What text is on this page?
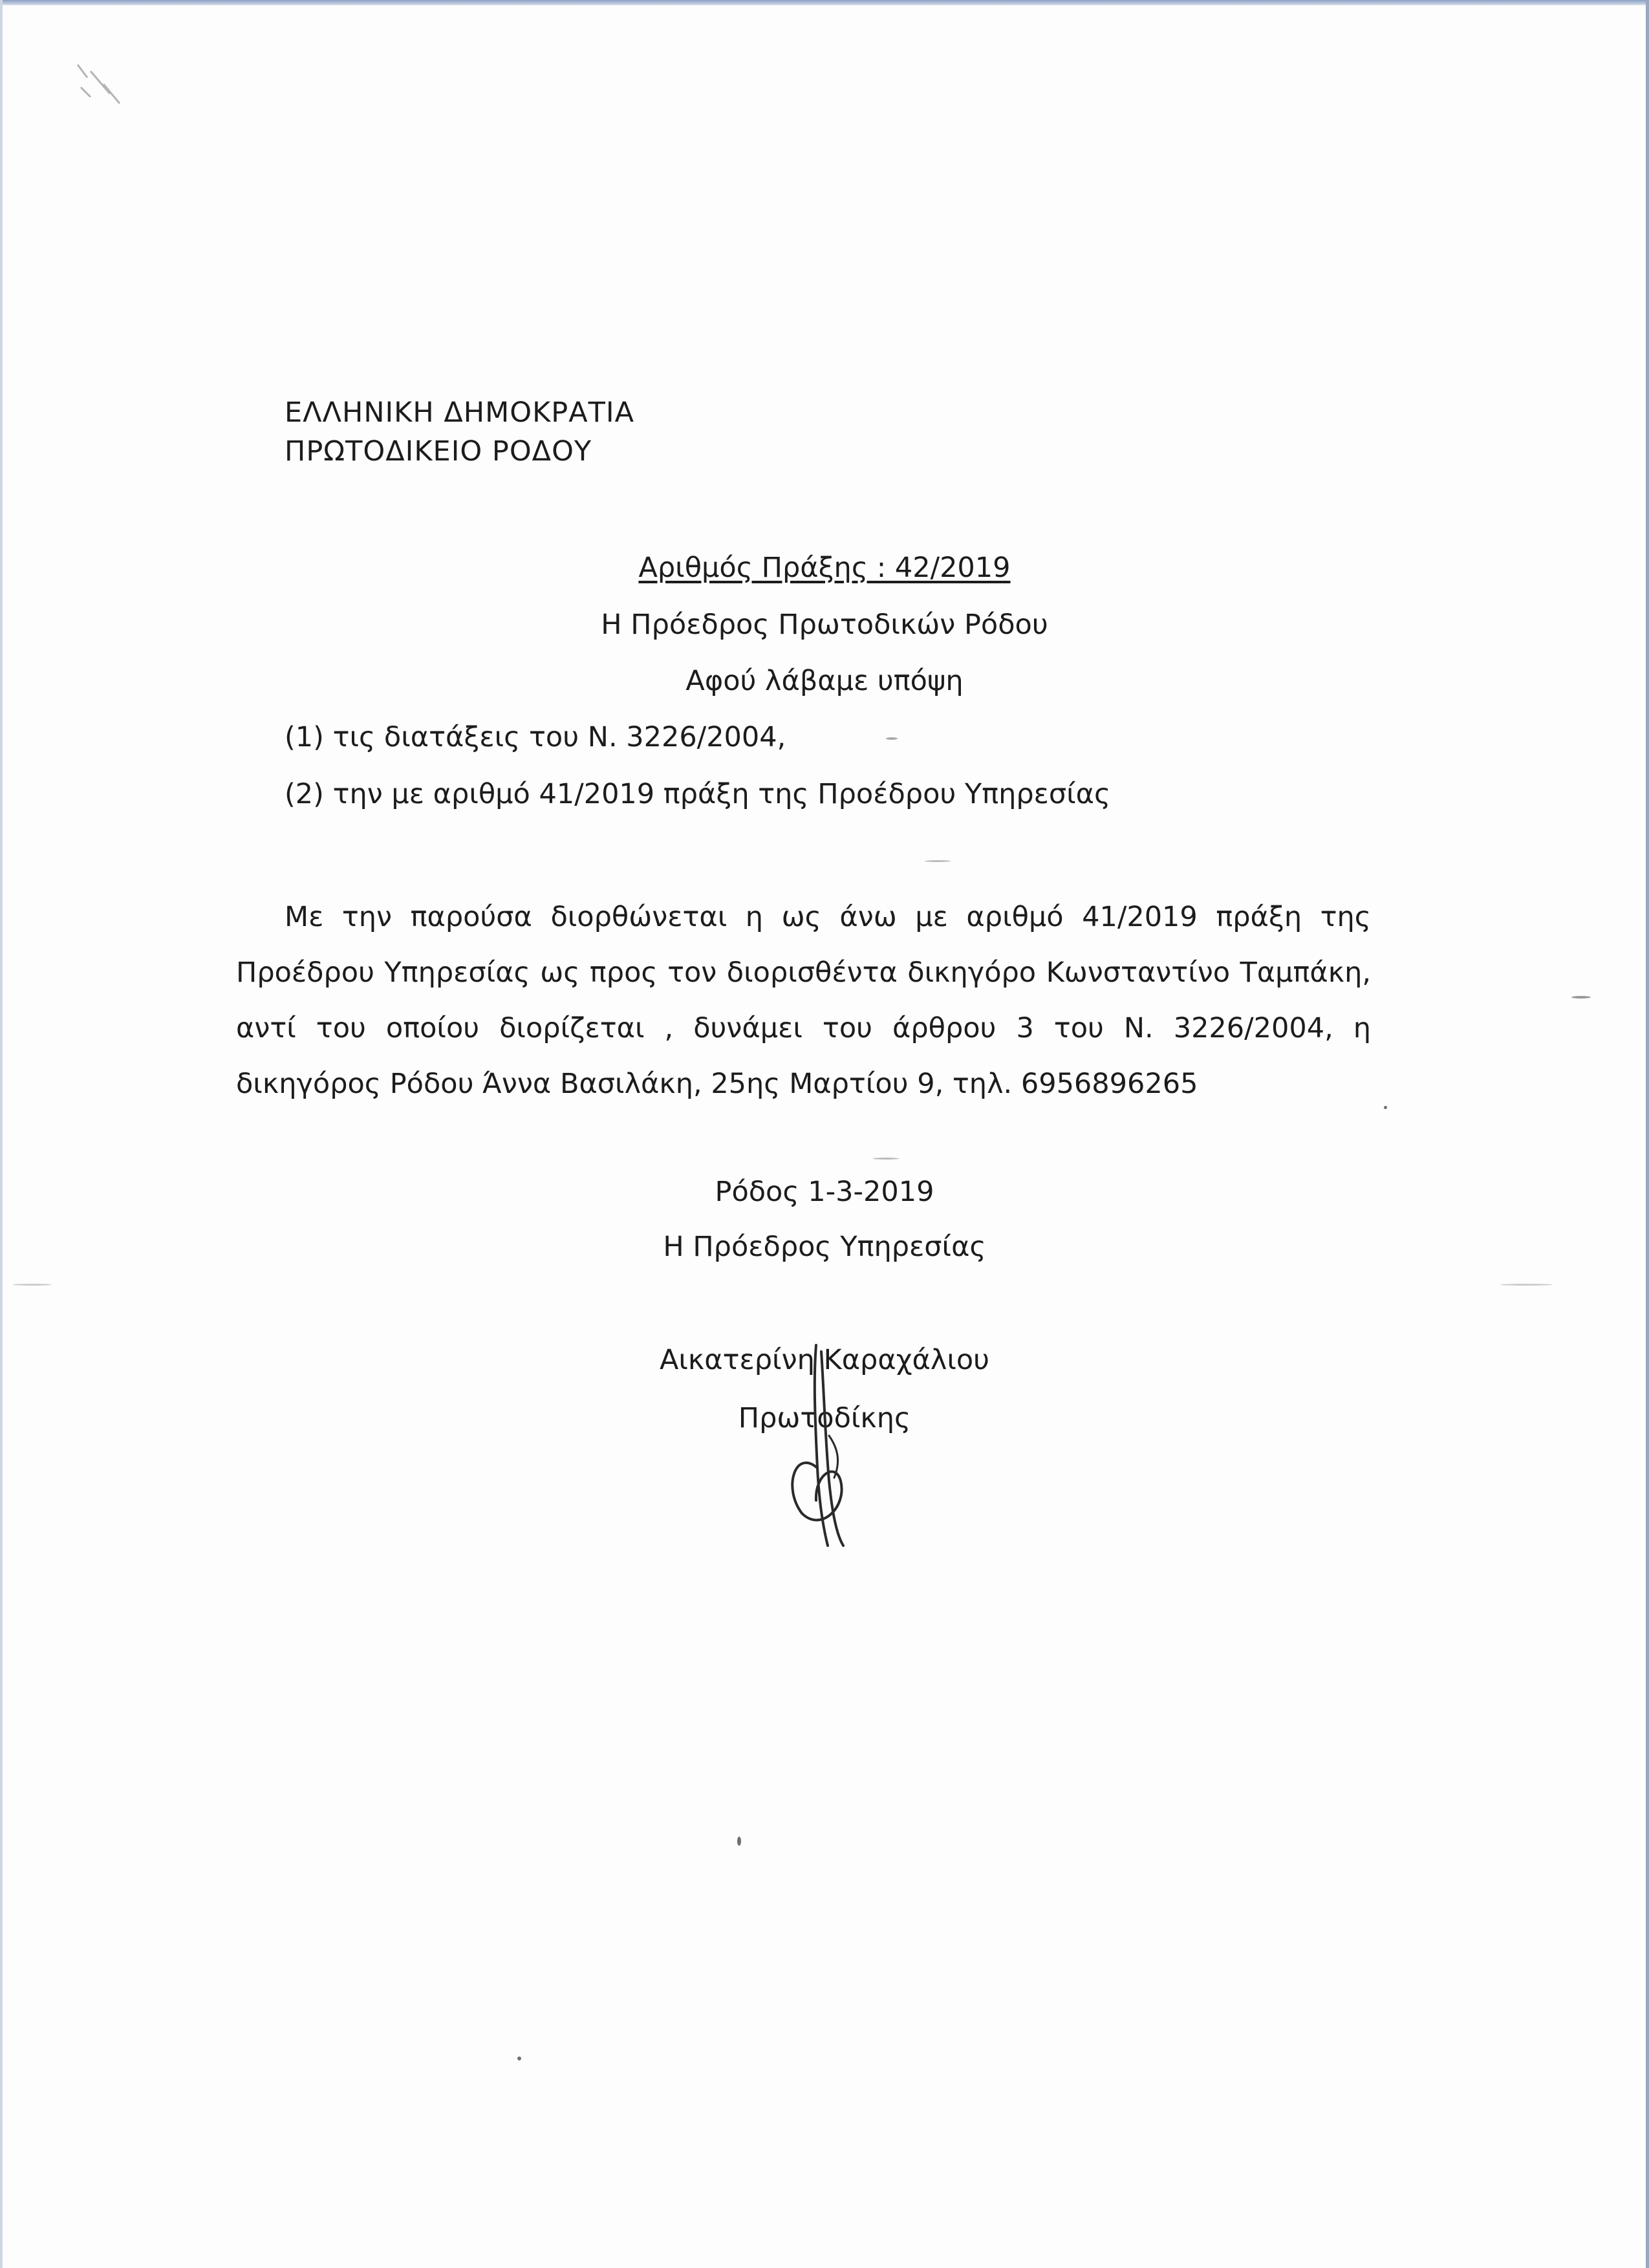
ΕΛΛΗΝΙΚΗ ΔΗΜΟΚΡΑΤΙΑ
ΠΡΩΤΟΔΙΚΕΙΟ ΡΟΔΟΥ
Αριθμός Πράξης : 42/2019
Η Πρόεδρος Πρωτοδικών Ρόδου
Αφού λάβαμε υπόψη
(1) τις διατάξεις του Ν. 3226/2004,
(2) την με αριθμό 41/2019 πράξη της Προέδρου Υπηρεσίας
Με την παρούσα διορθώνεται η ως άνω με αριθμό 41/2019 πράξη της Προέδρου Υπηρεσίας ως προς τον διορισθέντα δικηγόρο Κωνσταντίνο Ταμπάκη, αντί του οποίου διορίζεται , δυνάμει του άρθρου 3 του Ν. 3226/2004, η δικηγόρος Ρόδου Άννα Βασιλάκη, 25ης Μαρτίου 9, τηλ. 6956896265
Ρόδος 1-3-2019
Η Πρόεδρος Υπηρεσίας
Αικατερίνη Καραχάλιου
Πρωτοδίκης
